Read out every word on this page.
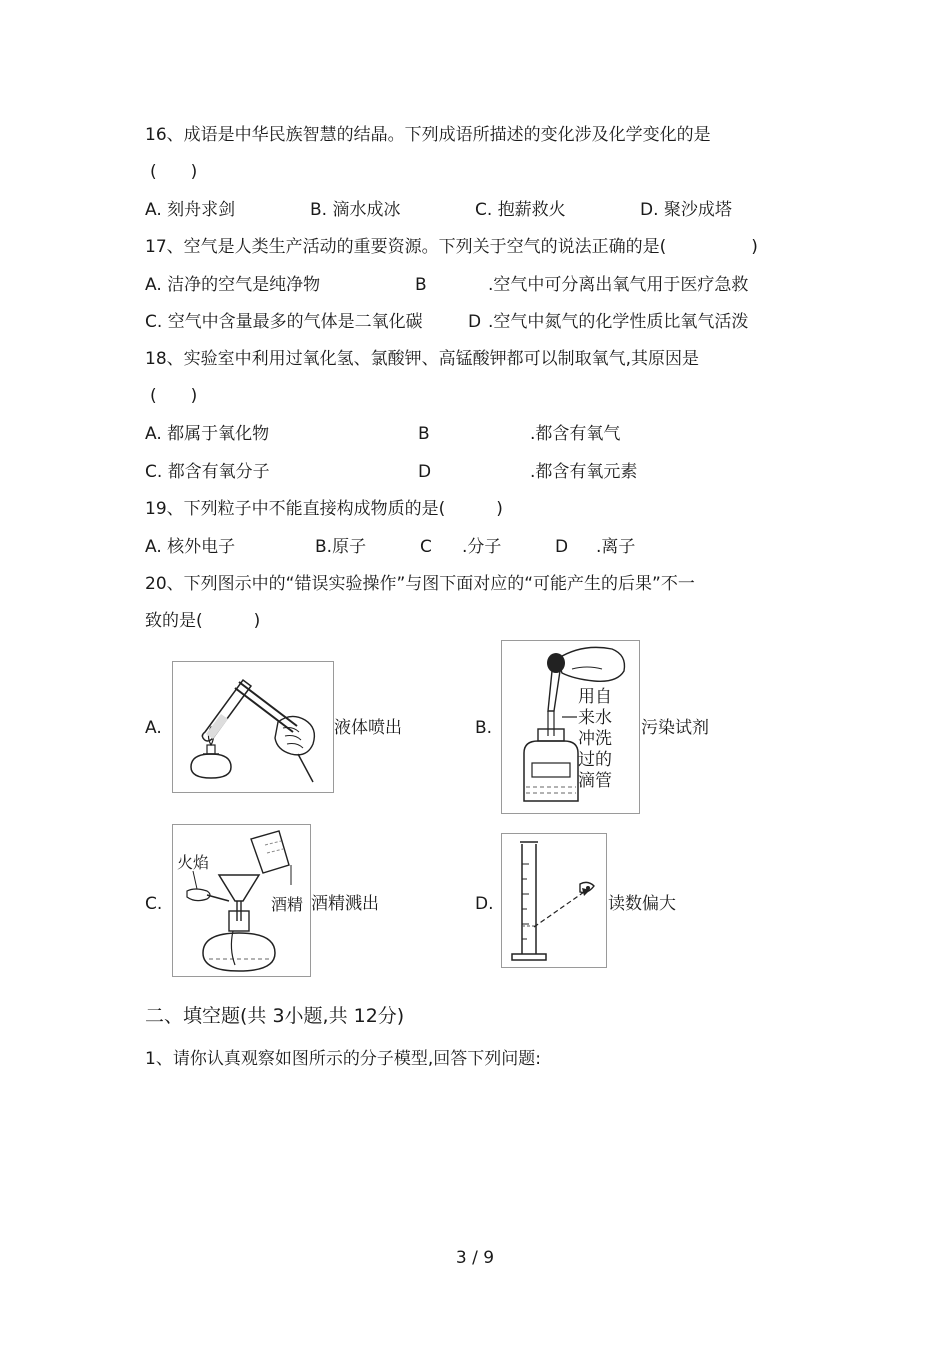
16、成语是中华民族智慧的结晶。下列成语所描述的变化涉及化学变化的是
(　　)
A. 刻舟求剑	B. 滴水成冰	C. 抱薪救火	D. 聚沙成塔
17、空气是人类生产活动的重要资源。下列关于空气的说法正确的是(　　　　　)
A. 洁净的空气是纯净物	B	.空气中可分离出氧气用于医疗急救
C. 空气中含量最多的气体是二氧化碳	D .空气中氮气的化学性质比氧气活泼
18、实验室中利用过氧化氢、氯酸钾、高锰酸钾都可以制取氧气,其原因是
(　　)
A. 都属于氧化物	B	.都含有氧气
C. 都含有氧分子	D	.都含有氧元素
19、下列粒子中不能直接构成物质的是(　　　)
A. 核外电子	B.原子	C .分子	D .离子
20、下列图示中的“错误实验操作”与图下面对应的“可能产生的后果”不一
致的是(　　　)
A.	液体喷出	B.
用自
来水
冲洗
过的
滴管
污染试剂
C.
火焰
酒精 酒精溅出	D.	读数偏大
二、填空题(共 3小题,共 12分)
1、请你认真观察如图所示的分子模型,回答下列问题:
3 / 9
